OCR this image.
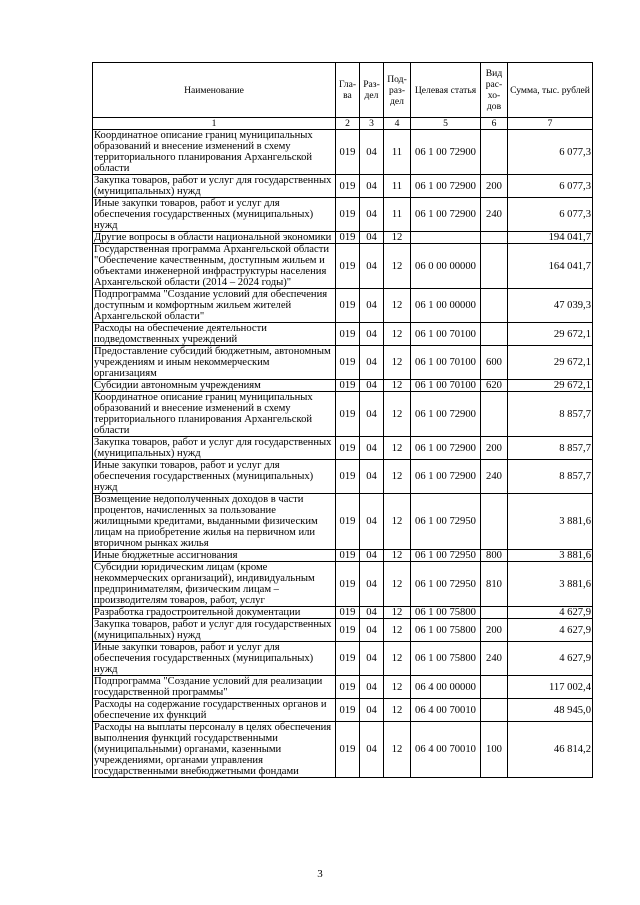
Наименование	Гла-ва	Раз-дел	Под-раз-дел	Целевая статья	Вид рас-хо-дов	Сумма, тыс. рублей
1	2	3	4	5	6	7
Координатное описание границ муниципальных образований и внесение изменений в схему территориального планирования Архангельской области	019	04	11	06 1 00 72900		6 077,3
Закупка товаров, работ и услуг для государственных (муниципальных) нужд	019	04	11	06 1 00 72900	200	6 077,3
Иные закупки товаров, работ и услуг для обеспечения государственных (муниципальных) нужд	019	04	11	06 1 00 72900	240	6 077,3
Другие вопросы в области национальной экономики	019	04	12			194 041,7
Государственная программа Архангельской области "Обеспечение качественным, доступным жильем и объектами инженерной инфраструктуры населения Архангельской области (2014 – 2024 годы)"	019	04	12	06 0 00 00000		164 041,7
Подпрограмма "Создание условий для обеспечения доступным и комфортным жильем жителей Архангельской области"	019	04	12	06 1 00 00000		47 039,3
Расходы на обеспечение деятельности подведомственных учреждений	019	04	12	06 1 00 70100		29 672,1
Предоставление субсидий бюджетным, автономным учреждениям и иным некоммерческим организациям	019	04	12	06 1 00 70100	600	29 672,1
Субсидии автономным учреждениям	019	04	12	06 1 00 70100	620	29 672,1
Координатное описание границ муниципальных образований и внесение изменений в схему территориального планирования Архангельской области	019	04	12	06 1 00 72900		8 857,7
Закупка товаров, работ и услуг для государственных (муниципальных) нужд	019	04	12	06 1 00 72900	200	8 857,7
Иные закупки товаров, работ и услуг для обеспечения государственных (муниципальных) нужд	019	04	12	06 1 00 72900	240	8 857,7
Возмещение недополученных доходов в части процентов, начисленных за пользование жилищными кредитами, выданными физическим лицам на приобретение жилья на первичном или вторичном рынках жилья	019	04	12	06 1 00 72950		3 881,6
Иные бюджетные ассигнования	019	04	12	06 1 00 72950	800	3 881,6
Субсидии юридическим лицам (кроме некоммерческих организаций), индивидуальным предпринимателям, физическим лицам – производителям товаров, работ, услуг	019	04	12	06 1 00 72950	810	3 881,6
Разработка градостроительной документации	019	04	12	06 1 00 75800		4 627,9
Закупка товаров, работ и услуг для государственных (муниципальных) нужд	019	04	12	06 1 00 75800	200	4 627,9
Иные закупки товаров, работ и услуг для обеспечения государственных (муниципальных) нужд	019	04	12	06 1 00 75800	240	4 627,9
Подпрограмма "Создание условий для реализации государственной программы"	019	04	12	06 4 00 00000		117 002,4
Расходы на содержание государственных органов и обеспечение их функций	019	04	12	06 4 00 70010		48 945,0
Расходы на выплаты персоналу в целях обеспечения выполнения функций государственными (муниципальными) органами, казенными учреждениями, органами управления государственными внебюджетными фондами	019	04	12	06 4 00 70010	100	46 814,2
3
